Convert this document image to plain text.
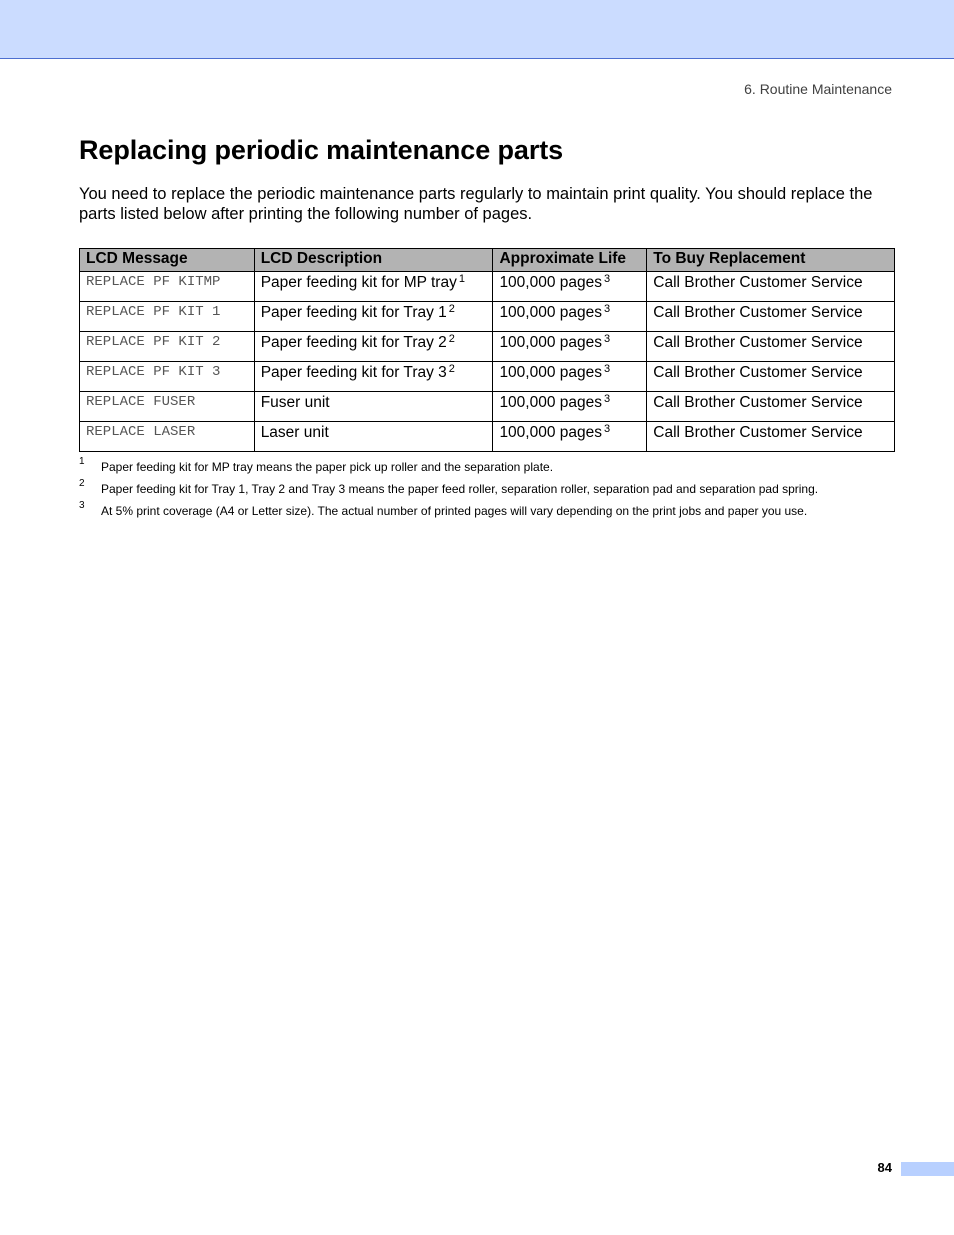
6. Routine Maintenance
Replacing periodic maintenance parts

You need to replace the periodic maintenance parts regularly to maintain print quality. You should replace the parts listed below after printing the following number of pages.

LCD Message	LCD Description	Approximate Life	To Buy Replacement
REPLACE PF KITMP	Paper feeding kit for MP tray $^1$	100,000 pages $^3$	Call Brother Customer Service
REPLACE PF KIT 1	Paper feeding kit for Tray 1 $^2$	100,000 pages $^3$	Call Brother Customer Service
REPLACE PF KIT 2	Paper feeding kit for Tray 2 $^2$	100,000 pages $^3$	Call Brother Customer Service
REPLACE PF KIT 3	Paper feeding kit for Tray 3 $^2$	100,000 pages $^3$	Call Brother Customer Service
REPLACE FUSER	Fuser unit	100,000 pages $^3$	Call Brother Customer Service
REPLACE LASER	Laser unit	100,000 pages $^3$	Call Brother Customer Service
1 Paper feeding kit for MP tray means the paper pick up roller and the separation plate.
2 Paper feeding kit for Tray 1, Tray 2 and Tray 3 means the paper feed roller, separation roller, separation pad and separation pad spring.
3 At 5% print coverage (A4 or Letter size). The actual number of printed pages will vary depending on the print jobs and paper you use.
84
